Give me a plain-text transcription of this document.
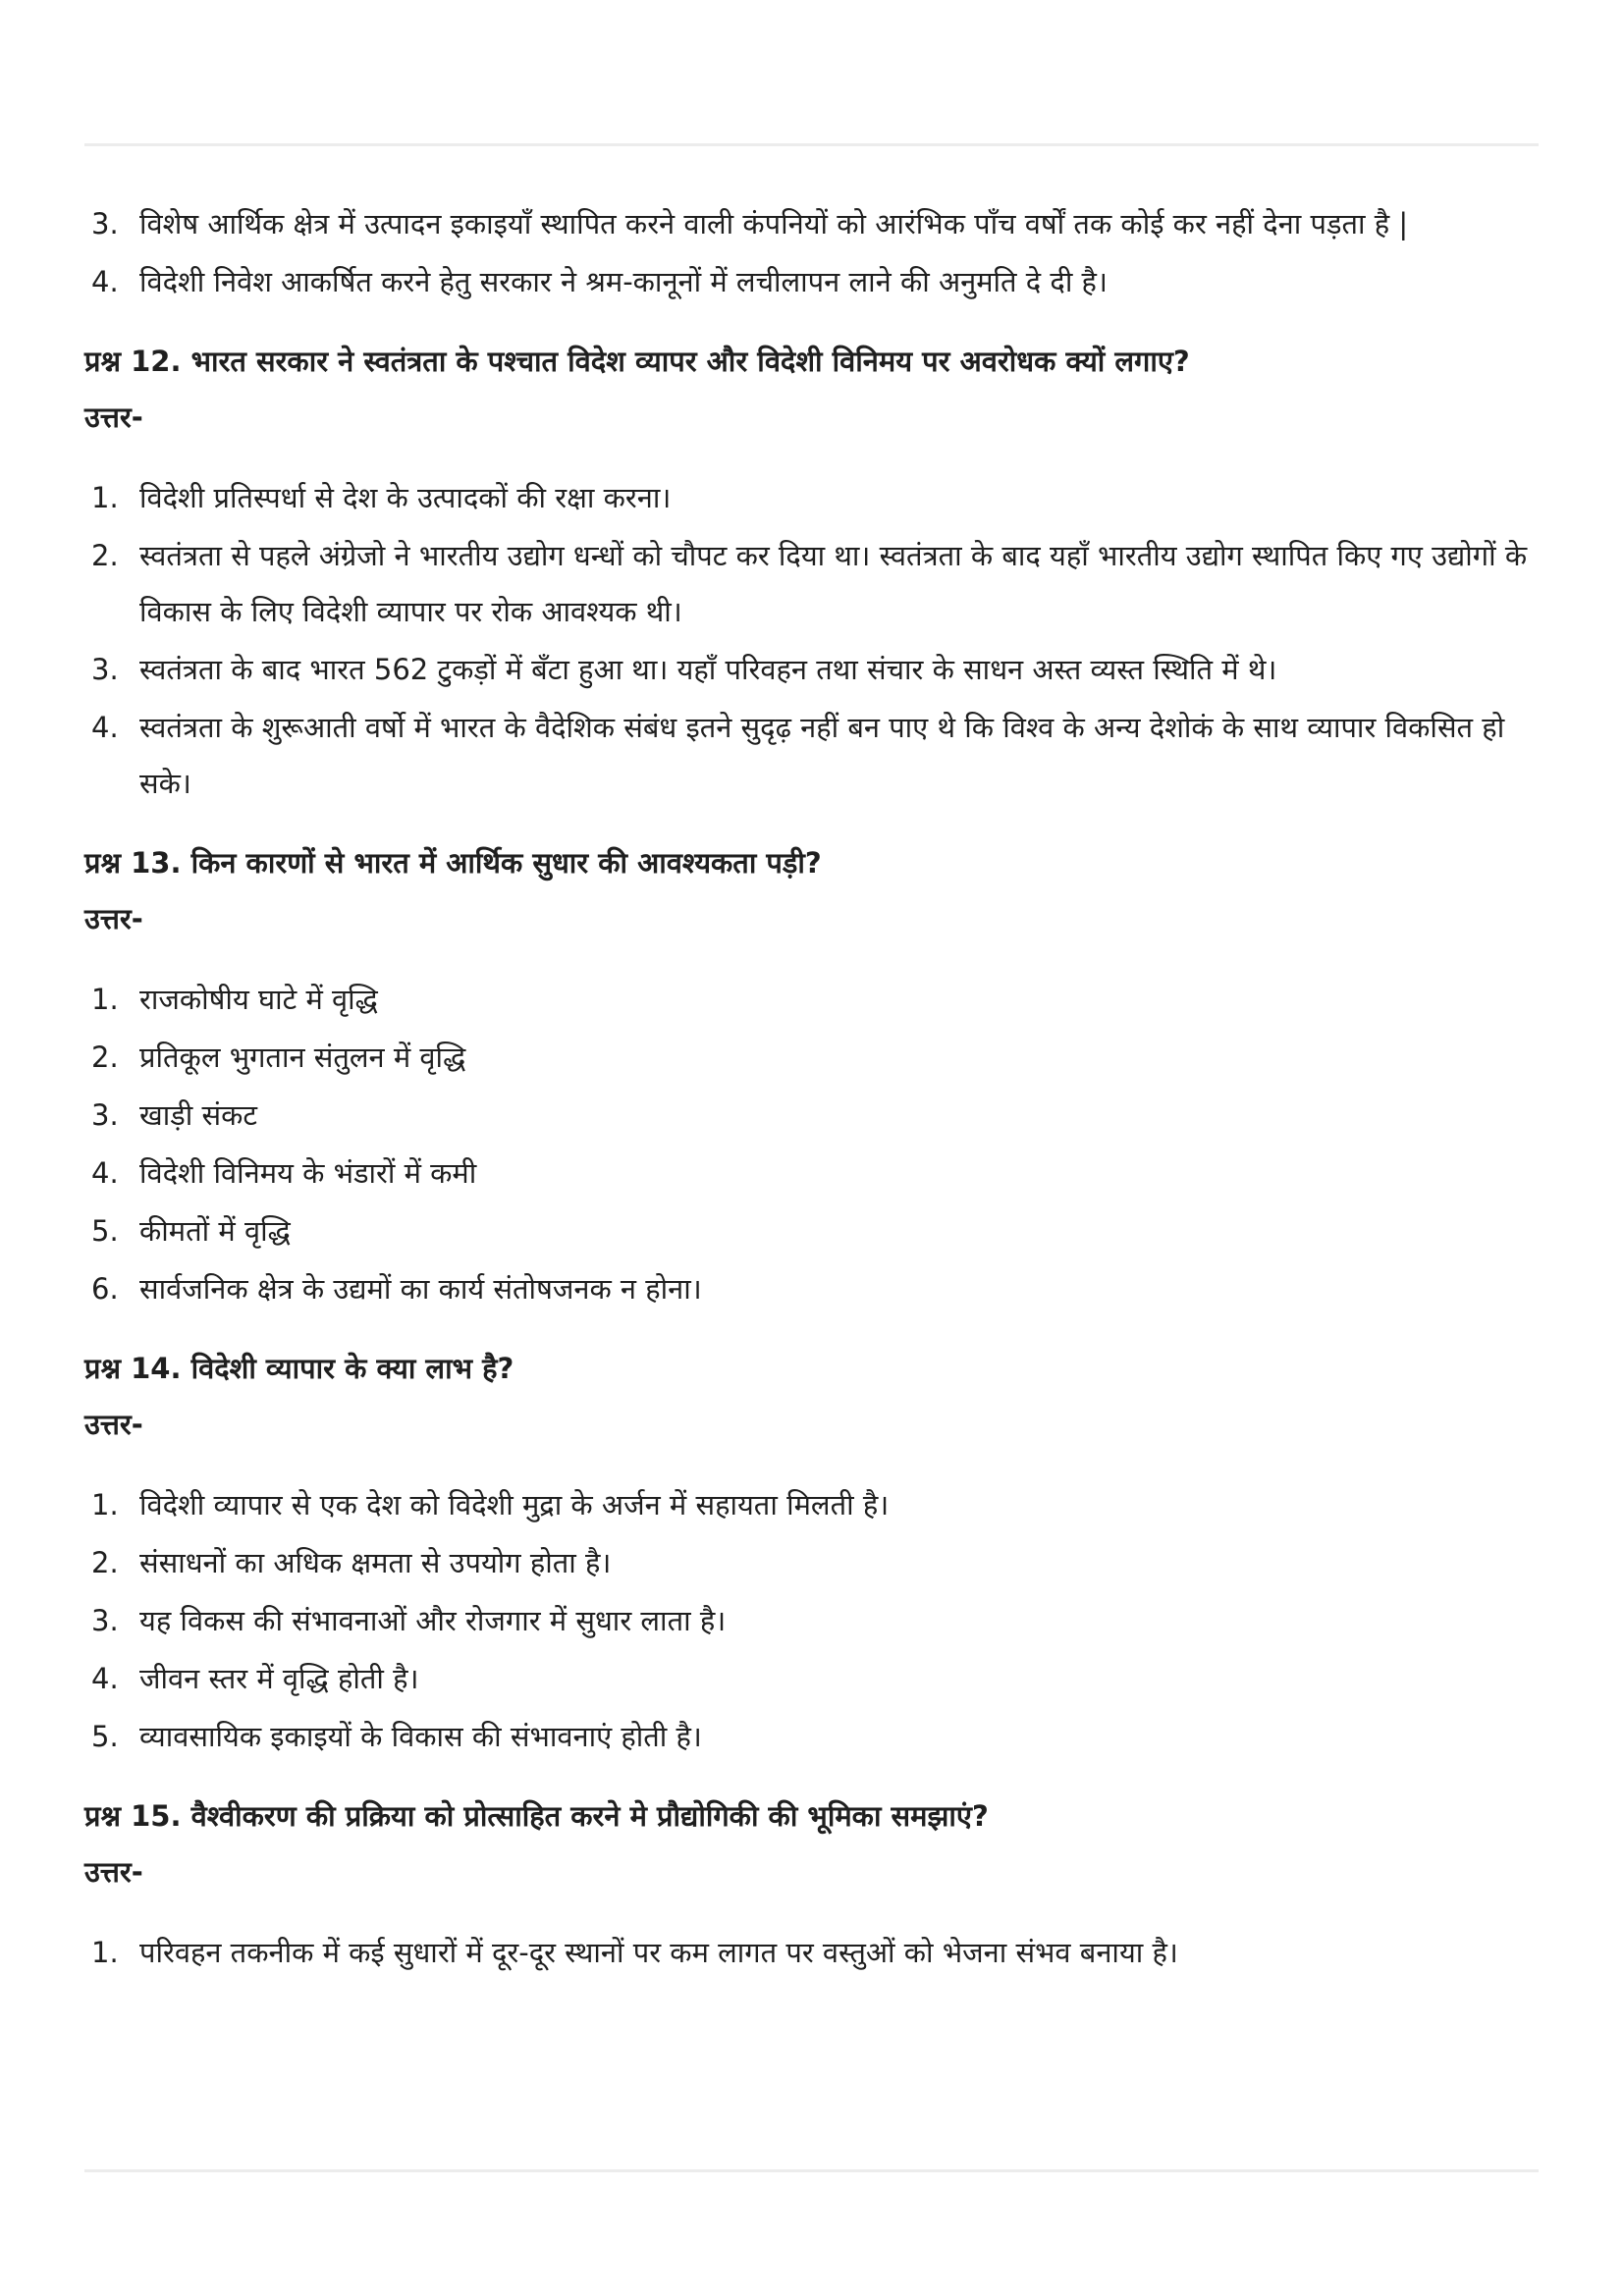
3. विशेष आर्थिक क्षेत्र में उत्पादन इकाइयाँ स्थापित करने वाली कंपनियों को आरंभिक पाँच वर्षों तक कोई कर नहीं देना पड़ता है |
4. विदेशी निवेश आकर्षित करने हेतु सरकार ने श्रम-कानूनों में लचीलापन लाने की अनुमति दे दी है।

प्रश्न 12. भारत सरकार ने स्वतंत्रता के पश्चात विदेश व्यापर और विदेशी विनिमय पर अवरोधक क्यों लगाए?

उत्तर-

1. विदेशी प्रतिस्पर्धा से देश के उत्पादकों की रक्षा करना।
2. स्वतंत्रता से पहले अंग्रेजो ने भारतीय उद्योग धन्धों को चौपट कर दिया था। स्वतंत्रता के बाद यहाँ भारतीय उद्योग स्थापित किए गए उद्योगों के विकास के लिए विदेशी व्यापार पर रोक आवश्यक थी।
3. स्वतंत्रता के बाद भारत 562 टुकड़ों में बँटा हुआ था। यहाँ परिवहन तथा संचार के साधन अस्त व्यस्त स्थिति में थे।
4. स्वतंत्रता के शुरूआती वर्षो में भारत के वैदेशिक संबंध इतने सुदृढ़ नहीं बन पाए थे कि विश्व के अन्य देशोकं के साथ व्यापार विकसित हो सके।

प्रश्न 13. किन कारणों से भारत में आर्थिक सुधार की आवश्यकता पड़ी?

उत्तर-

1. राजकोषीय घाटे में वृद्धि
2. प्रतिकूल भुगतान संतुलन में वृद्धि
3. खाड़ी संकट
4. विदेशी विनिमय के भंडारों में कमी
5. कीमतों में वृद्धि
6. सार्वजनिक क्षेत्र के उद्यमों का कार्य संतोषजनक न होना।

प्रश्न 14. विदेशी व्यापार के क्या लाभ है?

उत्तर-

1. विदेशी व्यापार से एक देश को विदेशी मुद्रा के अर्जन में सहायता मिलती है।
2. संसाधनों का अधिक क्षमता से उपयोग होता है।
3. यह विकस की संभावनाओं और रोजगार में सुधार लाता है।
4. जीवन स्तर में वृद्धि होती है।
5. व्यावसायिक इकाइयों के विकास की संभावनाएं होती है।

प्रश्न 15. वैश्वीकरण की प्रक्रिया को प्रोत्साहित करने मे प्रौद्योगिकी की भूमिका समझाएं?

उत्तर-

1. परिवहन तकनीक में कई सुधारों में दूर-दूर स्थानों पर कम लागत पर वस्तुओं को भेजना संभव बनाया है।
